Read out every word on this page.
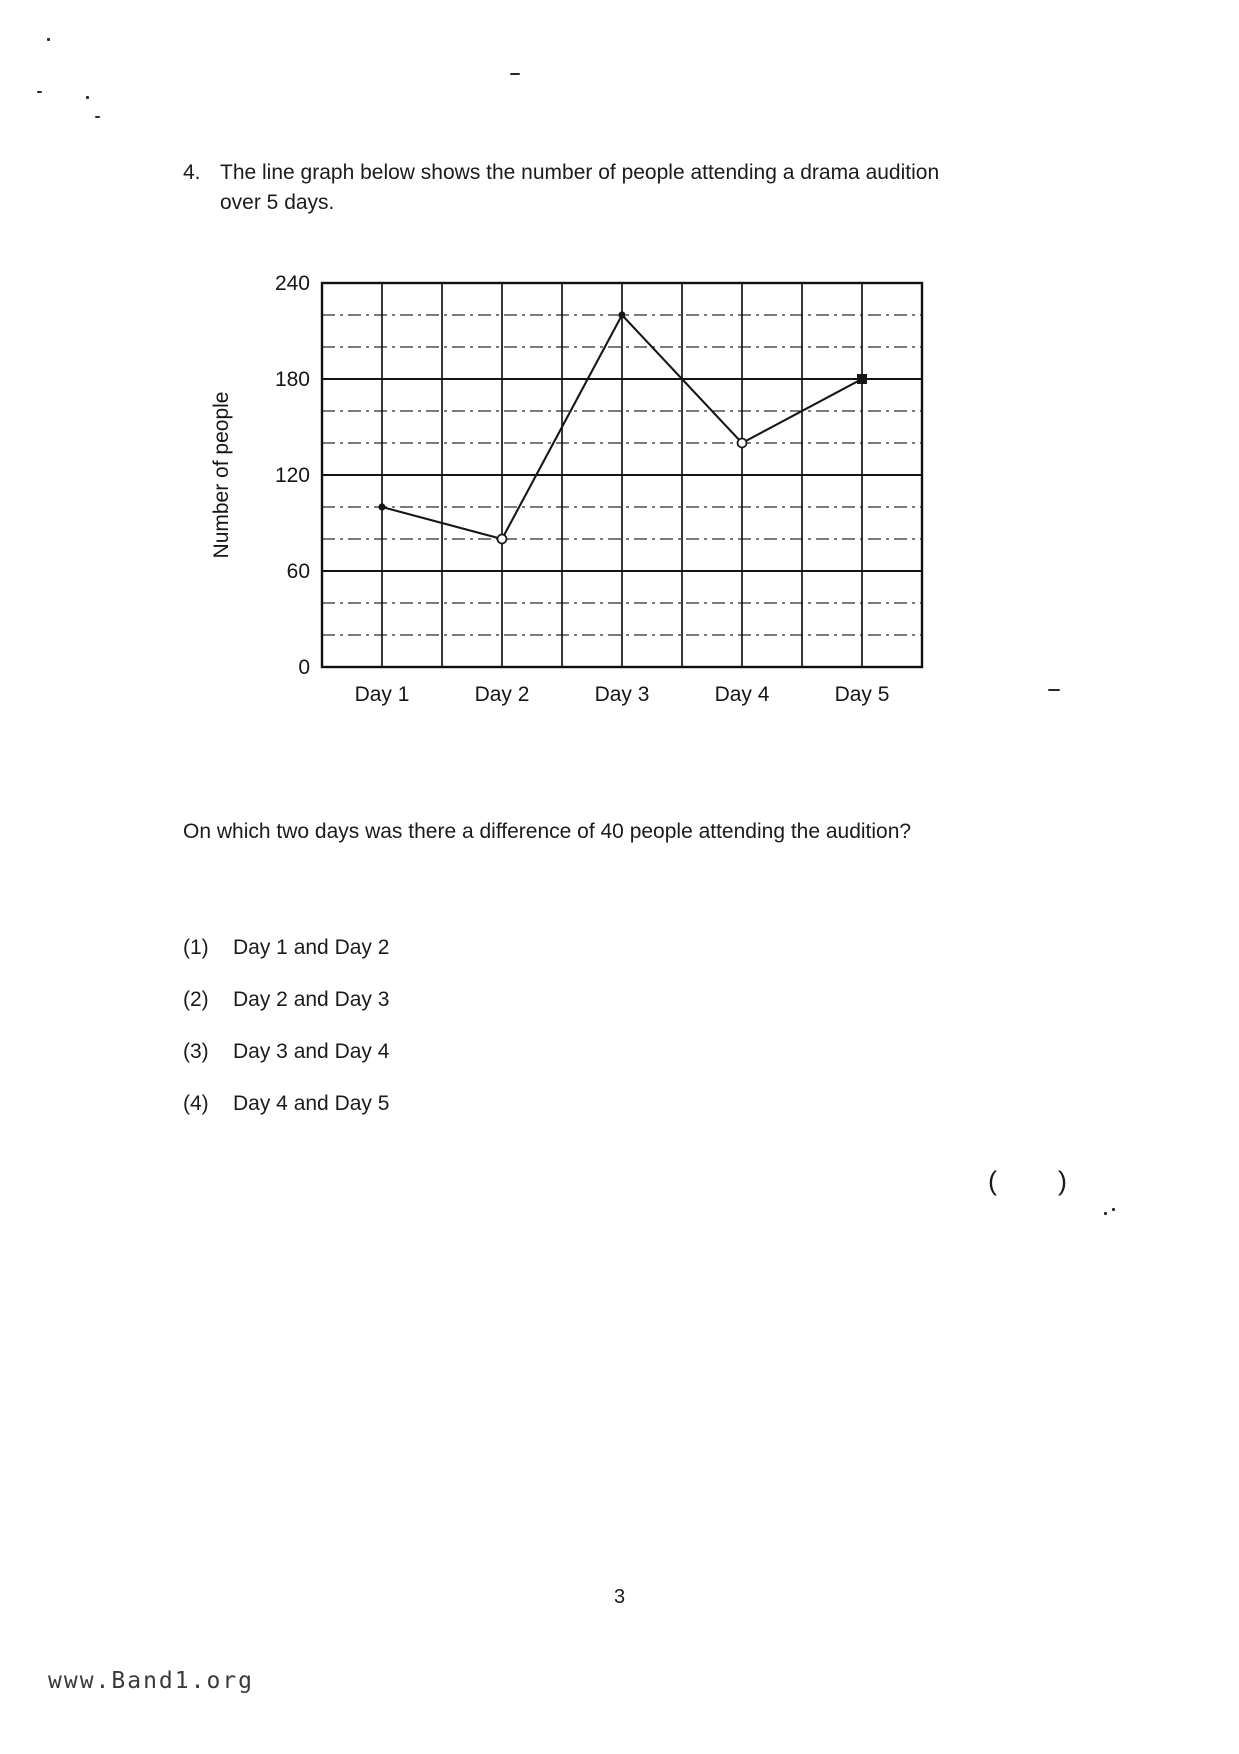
4. The line graph below shows the number of people attending a drama audition over 5 days.
0
60
120
180
240
Day 1	Day 2	Day 3	Day 4	Day 5
Number of people
On which two days was there a difference of 40 people attending the audition?
(1)	Day 1 and Day 2
(2)	Day 2 and Day 3
(3)	Day 3 and Day 4
(4)	Day 4 and Day 5
( )
3
www.Band1.org
